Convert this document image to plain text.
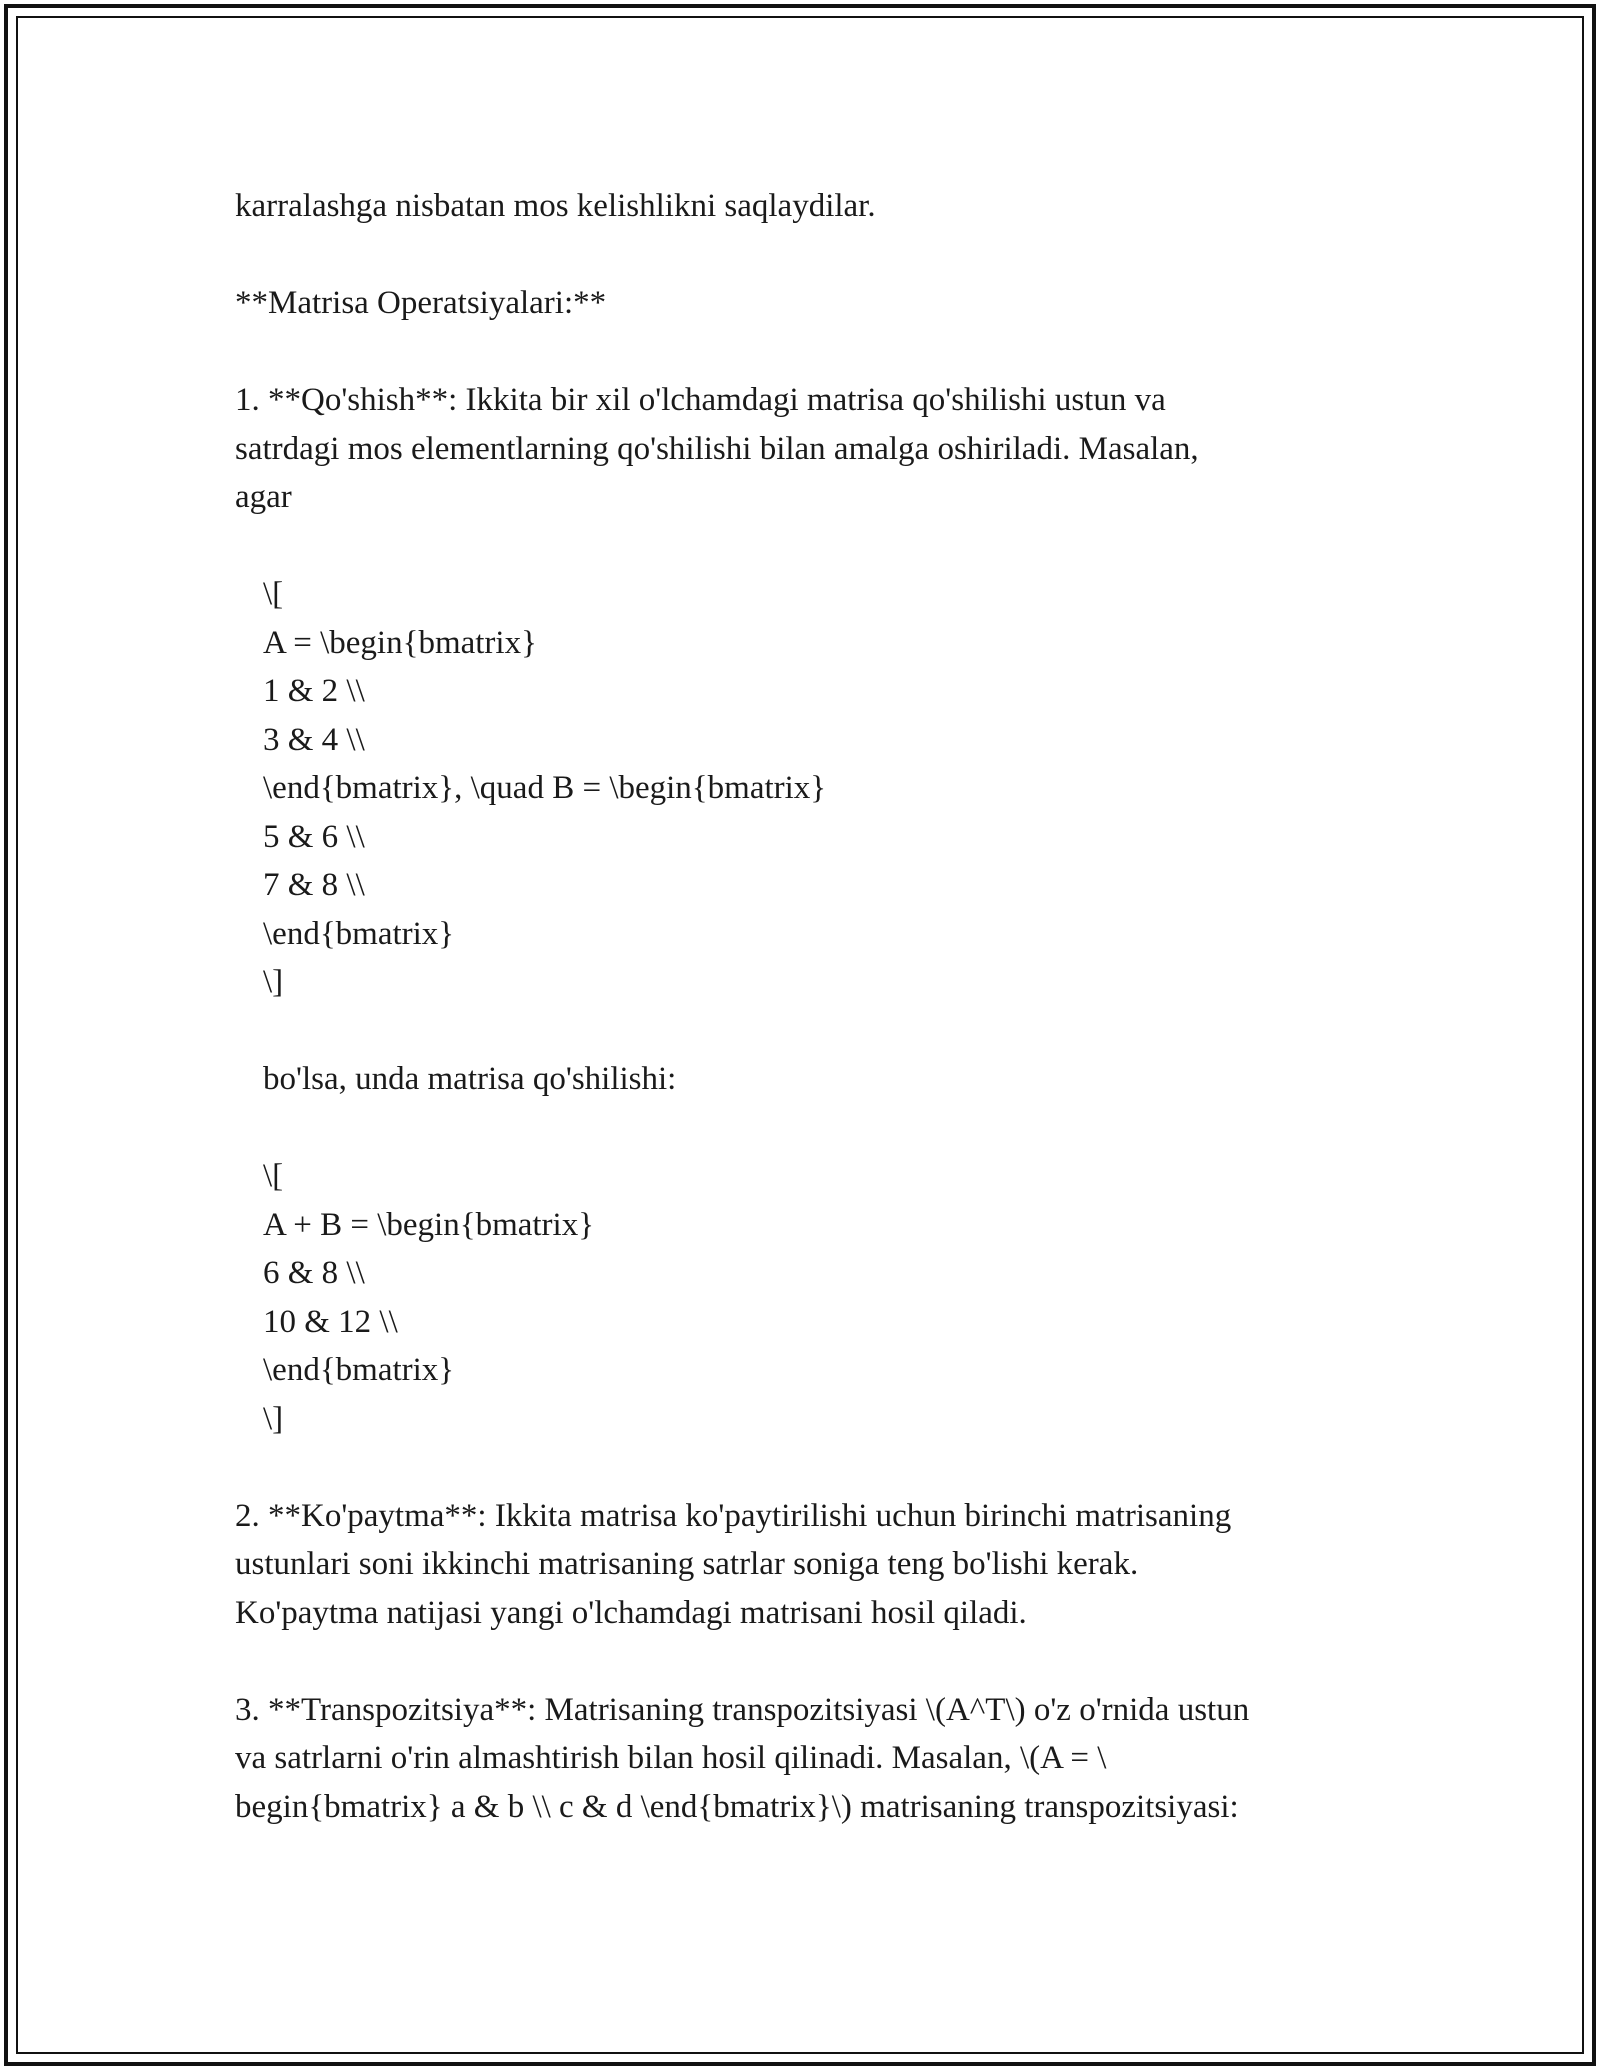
karralashga nisbatan mos kelishlikni saqlaydilar.

**Matrisa Operatsiyalari:**

1. **Qo'shish**: Ikkita bir xil o'lchamdagi matrisa qo'shilishi ustun va

satrdagi mos elementlarning qo'shilishi bilan amalga oshiriladi. Masalan,

agar

\[

A = \begin{bmatrix}

1 & 2 \\

3 & 4 \\

\end{bmatrix}, \quad B = \begin{bmatrix}

5 & 6 \\

7 & 8 \\

\end{bmatrix}

\]

bo'lsa, unda matrisa qo'shilishi:

\[

A + B = \begin{bmatrix}

6 & 8 \\

10 & 12 \\

\end{bmatrix}

\]

2. **Ko'paytma**: Ikkita matrisa ko'paytirilishi uchun birinchi matrisaning

ustunlari soni ikkinchi matrisaning satrlar soniga teng bo'lishi kerak.

Ko'paytma natijasi yangi o'lchamdagi matrisani hosil qiladi.

3. **Transpozitsiya**: Matrisaning transpozitsiyasi \(A^T\) o'z o'rnida ustun

va satrlarni o'rin almashtirish bilan hosil qilinadi. Masalan, \(A = \

begin{bmatrix} a & b \\ c & d \end{bmatrix}\) matrisaning transpozitsiyasi:
